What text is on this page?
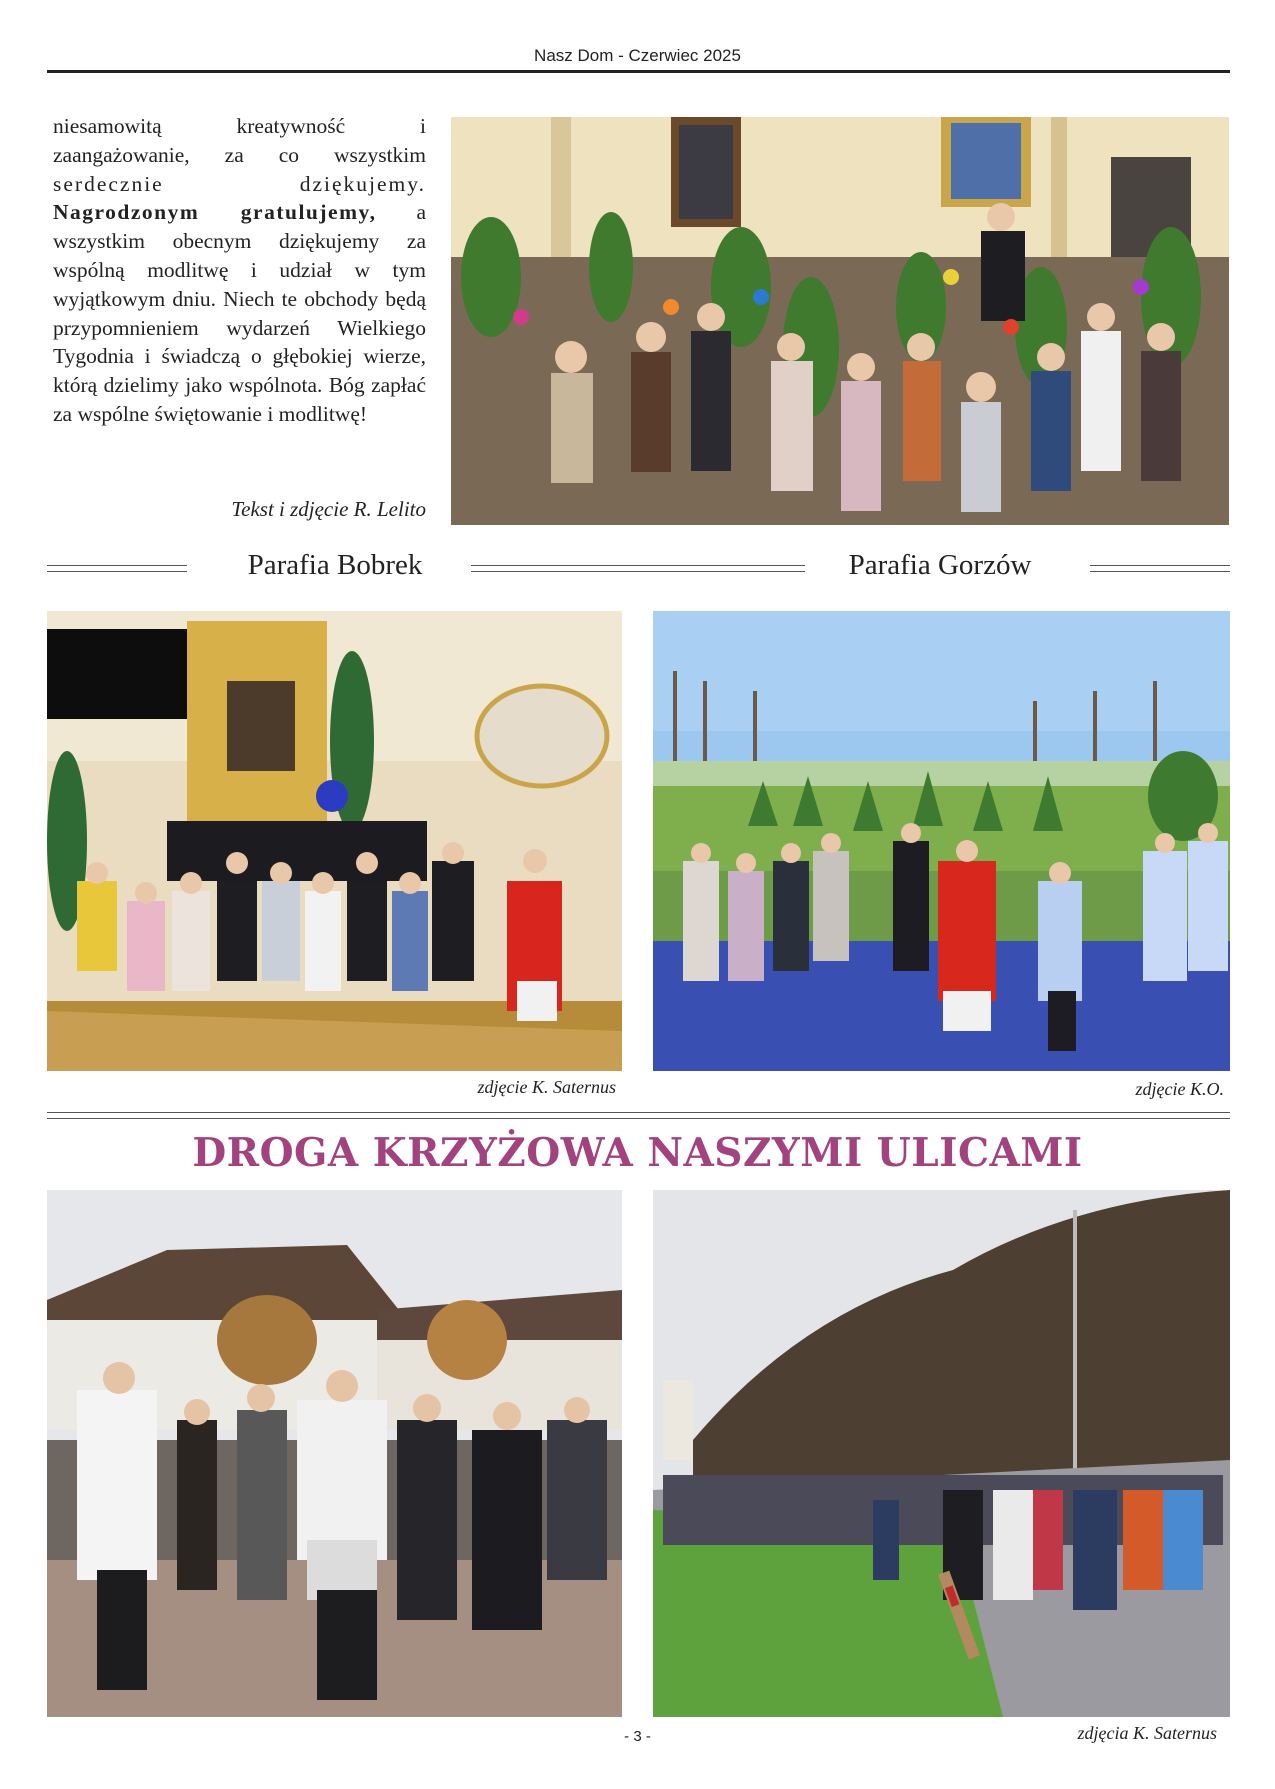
Nasz Dom - Czerwiec 2025
niesamowitą kreatywność i zaangażowanie, za co wszystkim serdecznie dziękujemy. Nagrodzonym gratulujemy, a wszystkim obecnym dziękujemy za wspólną modlitwę i udział w tym wyjątkowym dniu. Niech te obchody będą przypomnieniem wydarzeń Wielkiego Tygodnia i świadczą o głębokiej wierze, którą dzielimy jako wspólnota. Bóg zapłać za wspólne świętowanie i modlitwę!
Tekst i zdjęcie R. Lelito
Parafia Bobrek	Parafia Gorzów
zdjęcie K. Saternus	zdjęcie K.O.
DROGA KRZYŻOWA NASZYMI ULICAMI
zdjęcia K. Saternus
- 3 -
